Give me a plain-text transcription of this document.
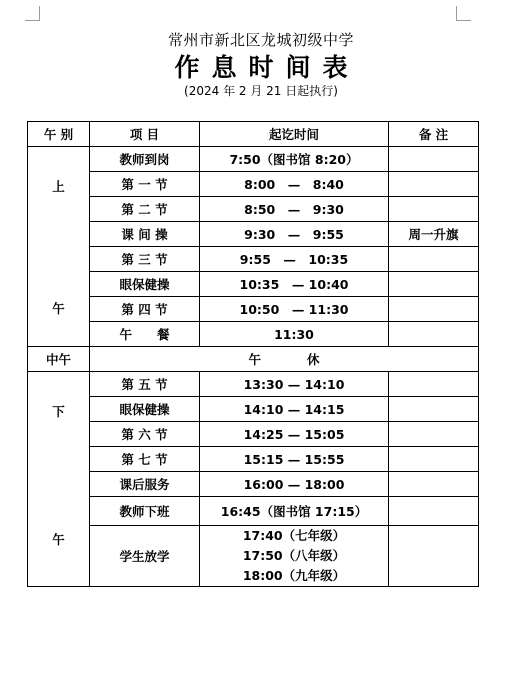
常州市新北区龙城初级中学
作息时间表
(2024 年 2 月 21 日起执行)
午 别	项 目	起讫时间	备 注

上
午	教师到岗	7:50（图书馆 8:20）	
	第 一 节	8:00　—　8:40	
	第 二 节	8:50　—　9:30	
	课 间 操	9:30　—　9:55	周一升旗
	第 三 节	9:55　—　10:35	
	眼保健操	10:35　— 10:40	
	第 四 节	10:50　— 11:30	
	午　　餐	11:30	
中午	午 休		

下
午	第 五 节	13:30 — 14:10	
	眼保健操	14:10 — 14:15	
	第 六 节	14:25 — 15:05	
	第 七 节	15:15 — 15:55	
	课后服务	16:00 — 18:00	
	教师下班	16:45（图书馆 17:15）	
	学生放学	17:40（七年级）
17:50（八年级）
18:00（九年级）	
